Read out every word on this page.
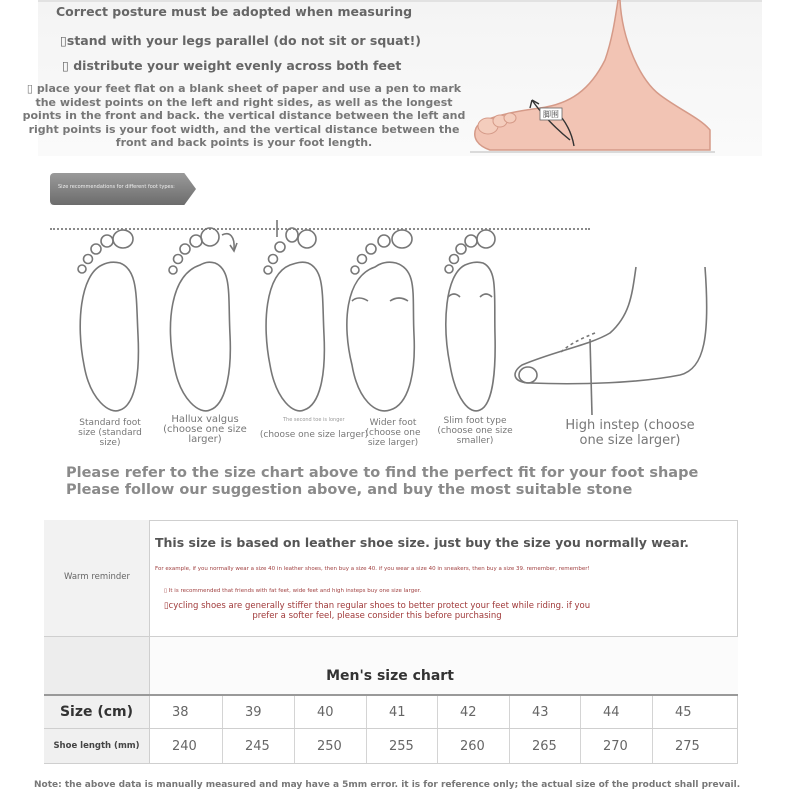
Correct posture must be adopted when measuring
▯stand with your legs parallel (do not sit or squat!)
▯ distribute your weight evenly across both feet
▯ place your feet flat on a blank sheet of paper and use a pen to mark the widest points on the left and right sides, as well as the longest points in the front and back. the vertical distance between the left and right points is your foot width, and the vertical distance between the front and back points is your foot length.
脚围
Size recommendations for different foot types:
Standard foot size (standard size)
Hallux valgus (choose one size larger)
The second toe is longer
(choose one size larger)
Wider foot (choose one size larger)
Slim foot type (choose one size smaller)
High instep (choose one size larger)
Please refer to the size chart above to find the perfect fit for your foot shape Please follow our suggestion above, and buy the most suitable stone
Warm reminder
This size is based on leather shoe size. just buy the size you normally wear.
For example, if you normally wear a size 40 in leather shoes, then buy a size 40. if you wear a size 40 in sneakers, then buy a size 39. remember, remember!
▯ It is recommended that friends with fat feet, wide feet and high insteps buy one size larger.
▯cycling shoes are generally stiffer than regular shoes to better protect your feet while riding. if you prefer a softer feel, please consider this before purchasing
Men's size chart
Size (cm)	38	39	40	41	42	43	44	45
Shoe length (mm)	240	245	250	255	260	265	270	275
Note: the above data is manually measured and may have a 5mm error. it is for reference only; the actual size of the product shall prevail.
